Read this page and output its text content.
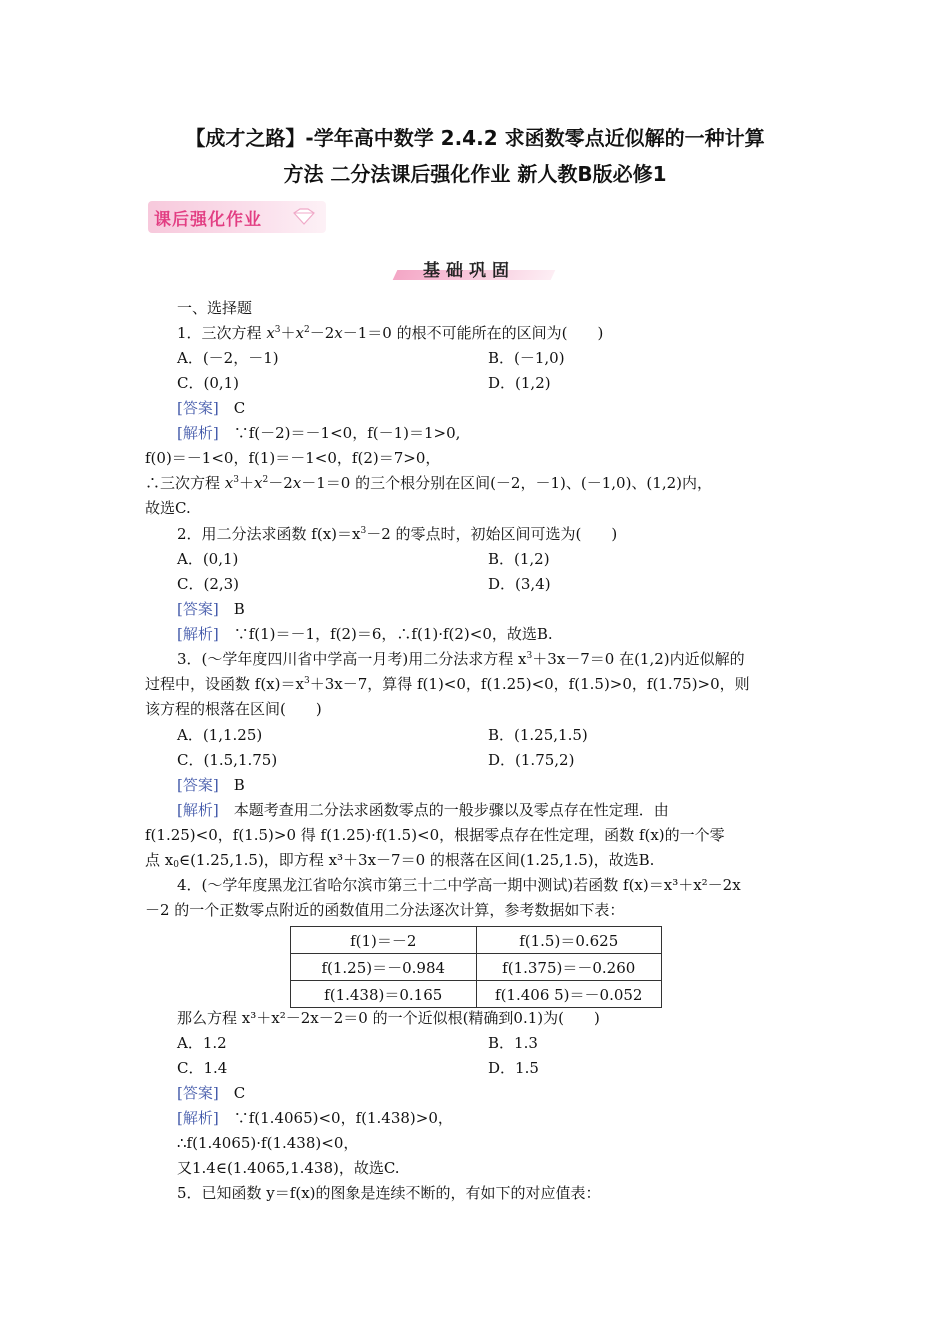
【成才之路】-学年高中数学 2.4.2 求函数零点近似解的一种计算
方法 二分法课后强化作业 新人教B版必修1
课后强化作业
基础巩固
一、选择题
1．三次方程 $x^3+x^2-2x-1=0$ 的根不可能所在的区间为(　　)
A．(－2，－1)	B．(－1,0)
C．(0,1)	D．(1,2)
[答案]　 C
[解析]　 ∵f(－2)＝－1<0，f(－1)＝1>0,
f(0)＝－1<0，f(1)＝－1<0，f(2)＝7>0，
∴三次方程 $x^3+x^2-2x-1=0$ 的三个根分别在区间(－2，－1)、(－1,0)、(1,2)内，
故选C.
2．用二分法求函数 $f(x)=x^3-2$ 的零点时，初始区间可选为(　　)
A．(0,1)	B．(1,2)
C．(2,3)	D．(3,4)
[答案]　 B
[解析]　 ∵f(1)＝－1，f(2)＝6，∴f(1)·f(2)<0，故选B.
3．(～学年度四川省中学高一月考)用二分法求方程 $x^3+3x-7=0$ 在(1,2)内近似解的
过程中，设函数 $f(x)=x^3+3x-7$，算得 f(1)<0，f(1.25)<0，f(1.5)>0，f(1.75)>0，则
该方程的根落在区间(　　)
A．(1,1.25)	B．(1.25,1.5)
C．(1.5,1.75)	D．(1.75,2)
[答案]　 B
[解析]　 本题考查用二分法求函数零点的一般步骤以及零点存在性定理．由
f(1.25)<0，f(1.5)>0 得 f(1.25)·f(1.5)<0，根据零点存在性定理，函数 f(x)的一个零
点 $x_0\in(1.25,1.5)$，即方程 x³＋3x－7＝0 的根落在区间(1.25,1.5)，故选B.
4．(～学年度黑龙江省哈尔滨市第三十二中学高一期中测试)若函数 f(x)＝x³＋x²－2x
－2 的一个正数零点附近的函数值用二分法逐次计算，参考数据如下表：
f(1)＝－2	f(1.5)＝0.625
f(1.25)＝－0.984	f(1.375)＝－0.260
f(1.438)＝0.165	f(1.406 5)＝－0.052
那么方程 x³＋x²－2x－2＝0 的一个近似根(精确到0.1)为(　　)
A．1.2	B．1.3
C．1.4	D．1.5
[答案]　 C
[解析]　 ∵f(1.4065)<0，f(1.438)>0，
∴f(1.4065)·f(1.438)<0，
又1.4∈(1.4065,1.438)，故选C.
5．已知函数 y＝f(x)的图象是连续不断的，有如下的对应值表：
